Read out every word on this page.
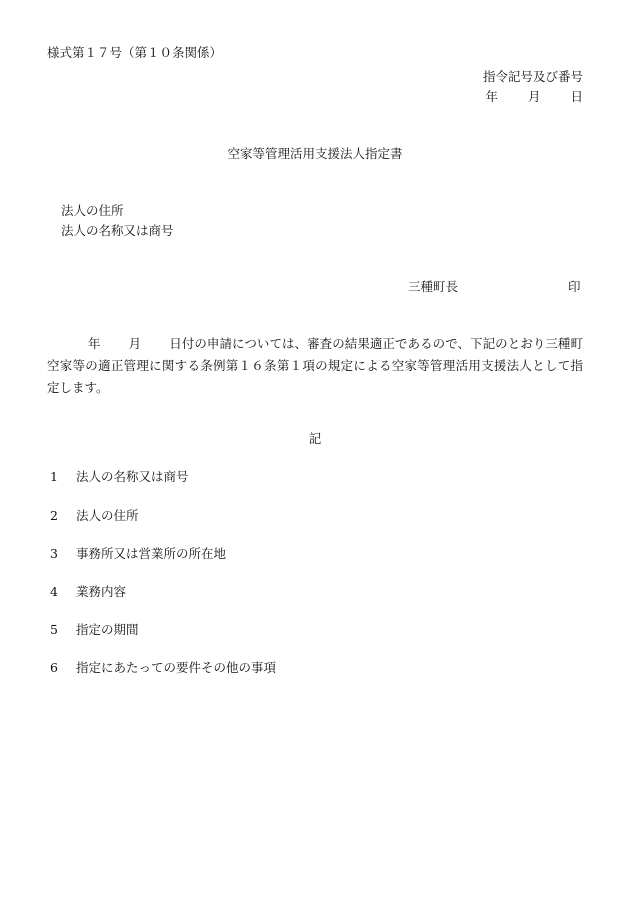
様式第１７号（第１０条関係）
指令記号及び番号
年 月 日
空家等管理活用支援法人指定書
法人の住所
法人の名称又は商号
三種町長	印
年 月 日付の申請については、審査の結果適正であるので、下記のとおり三種町空家等の適正管理に関する条例第１６条第１項の規定による空家等管理活用支援法人として指定します。
記
1 法人の名称又は商号
2 法人の住所
3 事務所又は営業所の所在地
4 業務内容
5 指定の期間
6 指定にあたっての要件その他の事項
